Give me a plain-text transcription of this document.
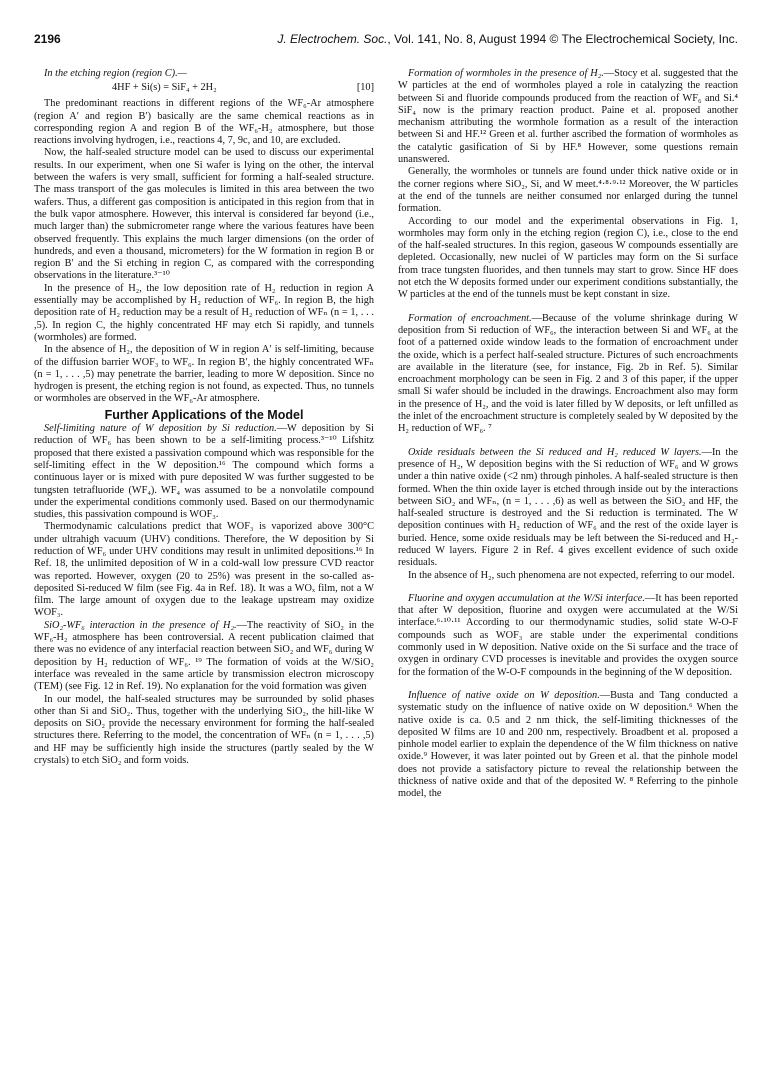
2196	J. Electrochem. Soc., Vol. 141, No. 8, August 1994 © The Electrochemical Society, Inc.

In the etching region (region C).—

4HF + Si(s) = SiF₄ + 2H₂	[10]

The predominant reactions in different regions of the WF₆-Ar atmosphere (region A′ and region B′) basically are the same chemical reactions as in corresponding region A and region B of the WF₆-H₂ atmosphere, but those reactions involving hydrogen, i.e., reactions 4, 7, 9c, and 10, are excluded.

Now, the half-sealed structure model can be used to discuss our experimental results. In our experiment, when one Si wafer is lying on the other, the interval between the wafers is very small, sufficient for forming a half-sealed structure. The mass transport of the gas molecules is limited in this area between the two wafers. Thus, a different gas composition is anticipated in this region from that in the bulk vapor atmosphere. However, this interval is considered far beyond (i.e., much larger than) the submicrometer range where the various features have been observed frequently. This explains the much larger dimensions (on the order of hundreds, and even a thousand, micrometers) for the W formation in region B or region B′ and the Si etching in region C, as compared with the corresponding observations in the literature.³⁻¹⁰

In the presence of H₂, the low deposition rate of H₂ reduction in region A essentially may be accomplished by H₂ reduction of WF₆. In region B, the high deposition rate of H₂ reduction may be a result of H₂ reduction of WFₙ (n = 1, . . . ,5). In region C, the highly concentrated HF may etch Si rapidly, and tunnels (wormholes) are formed.

In the absence of H₂, the deposition of W in region A′ is self-limiting, because of the diffusion barrier WOF₃ to WF₆. In region B′, the highly concentrated WFₙ (n = 1, . . . ,5) may penetrate the barrier, leading to more W deposition. Since no hydrogen is present, the etching region is not found, as expected. Thus, no tunnels or wormholes are observed in the WF₆-Ar atmosphere.

Further Applications of the Model

Self-limiting nature of W deposition by Si reduction.—W deposition by Si reduction of WF₆ has been shown to be a self-limiting process.³⁻¹⁰ Lifshitz proposed that there existed a passivation compound which was responsible for the self-limiting effect in the W deposition.¹⁶ The compound which forms a continuous layer or is mixed with pure deposited W was further suggested to be tungsten tetrafluoride (WF₄). WF₄ was assumed to be a nonvolatile compound under the experimental conditions commonly used. Based on our thermodynamic studies, this passivation compound is WOF₃.

Thermodynamic calculations predict that WOF₃ is vaporized above 300°C under ultrahigh vacuum (UHV) conditions. Therefore, the W deposition by Si reduction of WF₆ under UHV conditions may result in unlimited depositions.¹⁶ In Ref. 18, the unlimited deposition of W in a cold-wall low pressure CVD reactor was reported. However, oxygen (20 to 25%) was present in the so-called as-deposited Si-reduced W film (see Fig. 4a in Ref. 18). It was a WOₓ film, not a W film. The large amount of oxygen due to the leakage upstream may oxidize WOF₃.

SiO₂-WF₆ interaction in the presence of H₂.—The reactivity of SiO₂ in the WF₆-H₂ atmosphere has been controversial. A recent publication claimed that there was no evidence of any interfacial reaction between SiO₂ and WF₆ during W deposition by H₂ reduction of WF₆. ¹⁹ The formation of voids at the W/SiO₂ interface was revealed in the same article by transmission electron microscopy (TEM) (see Fig. 12 in Ref. 19). No explanation for the void formation was given

In our model, the half-sealed structures may be surrounded by solid phases other than Si and SiO₂. Thus, together with the underlying SiO₂, the hill-like W deposits on SiO₂ provide the necessary environment for forming the half-sealed structures there. Referring to the model, the concentration of WFₙ (n = 1, . . . ,5) and HF may be sufficiently high inside the structures (partly sealed by the W crystals) to etch SiO₂ and form voids.

Formation of wormholes in the presence of H₂.—Stocy et al. suggested that the W particles at the end of wormholes played a role in catalyzing the reaction between Si and fluoride compounds produced from the reaction of WF₆ and Si.⁴ SiF₄ now is the primary reaction product. Paine et al. proposed another mechanism attributing the wormhole formation as a result of the interaction between Si and HF.¹² Green et al. further ascribed the formation of wormholes as the catalytic gasification of Si by HF.⁸ However, some questions remain unanswered.

Generally, the wormholes or tunnels are found under thick native oxide or in the corner regions where SiO₂, Si, and W meet.⁴·⁸·⁹·¹² Moreover, the W particles at the end of the tunnels are neither consumed nor enlarged during the tunnel formation.

According to our model and the experimental observations in Fig. 1, wormholes may form only in the etching region (region C), i.e., close to the end of the half-sealed structures. In this region, gaseous W compounds essentially are depleted. Occasionally, new nuclei of W particles may form on the Si surface from trace tungsten fluorides, and then tunnels may start to grow. Since HF does not etch the W deposits formed under our experiment conditions substantially, the W particles at the end of the tunnels must be kept constant in size.

Formation of encroachment.—Because of the volume shrinkage during W deposition from Si reduction of WF₆, the interaction between Si and WF₆ at the foot of a patterned oxide window leads to the formation of encroachment under the oxide, which is a perfect half-sealed structure. Pictures of such encroachments are available in the literature (see, for instance, Fig. 2b in Ref. 5). Similar encroachment morphology can be seen in Fig. 2 and 3 of this paper, if the upper small Si wafer should be included in the drawings. Encroachment also may form in the presence of H₂, and the void is later filled by W deposits, or left unfilled as the inlet of the encroachment structure is completely sealed by W deposited by the H₂ reduction of WF₆. ⁷

Oxide residuals between the Si reduced and H₂ reduced W layers.—In the presence of H₂, W deposition begins with the Si reduction of WF₆ and W grows under a thin native oxide (<2 nm) through pinholes. A half-sealed structure is then formed. When the thin oxide layer is etched through inside out by the interactions between SiO₂ and WFₙ, (n = 1, . . . ,6) as well as between the SiO₂ and HF, the half-sealed structure is destroyed and the Si reduction is terminated. The W deposition continues with H₂ reduction of WF₆ and the rest of the oxide layer is buried. Hence, some oxide residuals may be left between the Si-reduced and H₂-reduced W layers. Figure 2 in Ref. 4 gives excellent evidence of such oxide residuals.

In the absence of H₂, such phenomena are not expected, referring to our model.

Fluorine and oxygen accumulation at the W/Si interface.—It has been reported that after W deposition, fluorine and oxygen were accumulated at the W/Si interface.⁶·¹⁰·¹¹ According to our thermodynamic studies, solid state W-O-F compounds such as WOF₃ are stable under the experimental conditions commonly used in W deposition. Native oxide on the Si surface and the trace of oxygen in ordinary CVD processes is inevitable and provides the oxygen source for the formation of the W-O-F compounds in the beginning of the W deposition.

Influence of native oxide on W deposition.—Busta and Tang conducted a systematic study on the influence of native oxide on W deposition.⁶ When the native oxide is ca. 0.5 and 2 nm thick, the self-limiting thicknesses of the deposited W films are 10 and 200 nm, respectively. Broadbent et al. proposed a pinhole model earlier to explain the dependence of the W film thickness on native oxide.⁹ However, it was later pointed out by Green et al. that the pinhole model does not provide a satisfactory picture to reveal the relationship between the thickness of native oxide and that of the deposited W. ⁸ Referring to the pinhole model, the
